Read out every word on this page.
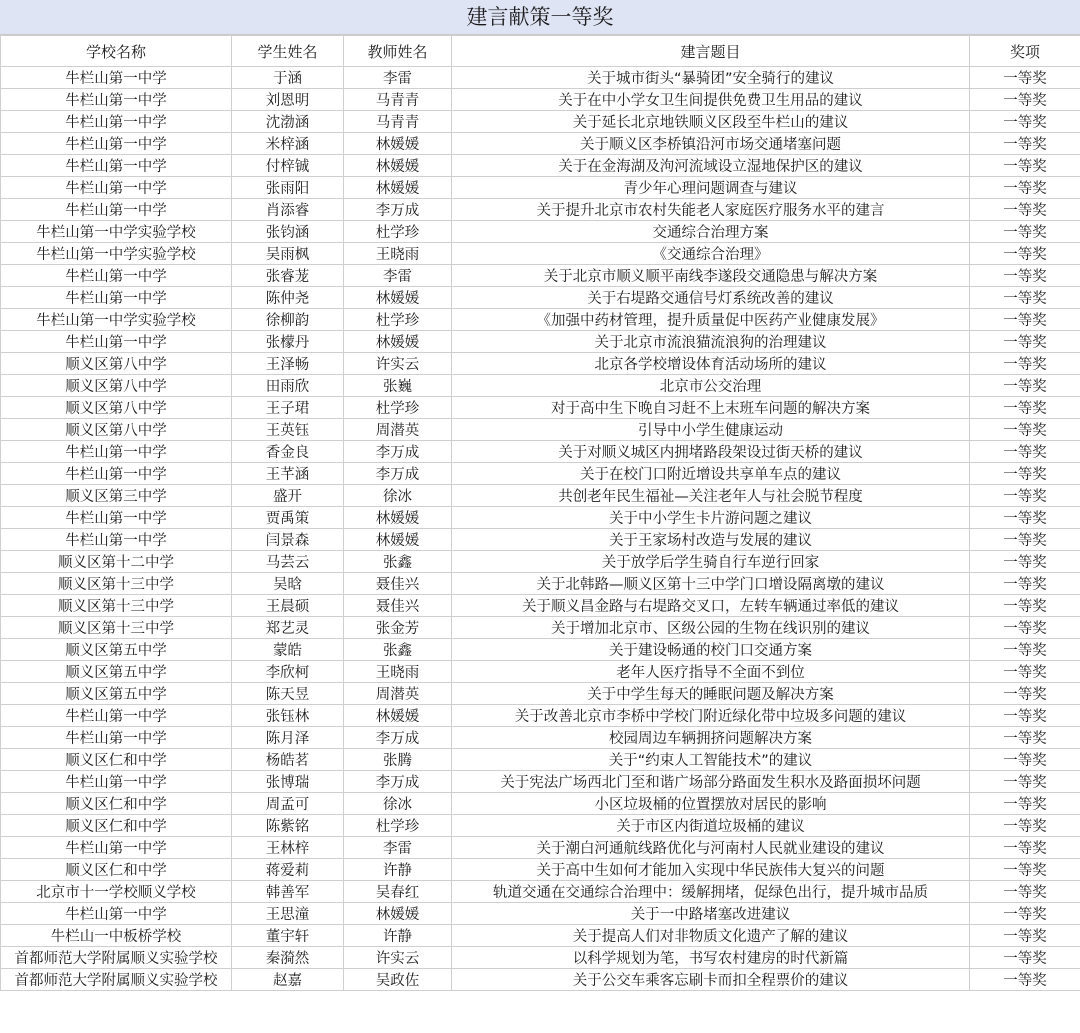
建言献策一等奖
学校名称	学生姓名	教师姓名	建言题目	奖项
牛栏山第一中学	于涵	李雷	关于城市街头“暴骑团”安全骑行的建议	一等奖
牛栏山第一中学	刘恩明	马青青	关于在中小学女卫生间提供免费卫生用品的建议	一等奖
牛栏山第一中学	沈渤涵	马青青	关于延长北京地铁顺义区段至牛栏山的建议	一等奖
牛栏山第一中学	米梓涵	林媛媛	关于顺义区李桥镇沿河市场交通堵塞问题	一等奖
牛栏山第一中学	付梓铖	林媛媛	关于在金海湖及泃河流域设立湿地保护区的建议	一等奖
牛栏山第一中学	张雨阳	林媛媛	青少年心理问题调查与建议	一等奖
牛栏山第一中学	肖添睿	李万成	关于提升北京市农村失能老人家庭医疗服务水平的建言	一等奖
牛栏山第一中学实验学校	张钧涵	杜学珍	交通综合治理方案	一等奖
牛栏山第一中学实验学校	吴雨枫	王晓雨	《交通综合治理》	一等奖
牛栏山第一中学	张睿茏	李雷	关于北京市顺义顺平南线李遂段交通隐患与解决方案	一等奖
牛栏山第一中学	陈仲尧	林媛媛	关于右堤路交通信号灯系统改善的建议	一等奖
牛栏山第一中学实验学校	徐柳韵	杜学珍	《加强中药材管理，提升质量促中医药产业健康发展》	一等奖
牛栏山第一中学	张檬丹	林媛媛	关于北京市流浪猫流浪狗的治理建议	一等奖
顺义区第八中学	王泽畅	许实云	北京各学校增设体育活动场所的建议	一等奖
顺义区第八中学	田雨欣	张巍	北京市公交治理	一等奖
顺义区第八中学	王子珺	杜学珍	对于高中生下晚自习赶不上末班车问题的解决方案	一等奖
顺义区第八中学	王英钰	周潜英	引导中小学生健康运动	一等奖
牛栏山第一中学	香金良	李万成	关于对顺义城区内拥堵路段架设过街天桥的建议	一等奖
牛栏山第一中学	王芊涵	李万成	关于在校门口附近增设共享单车点的建议	一等奖
顺义区第三中学	盛开	徐冰	共创老年民生福祉—关注老年人与社会脱节程度	一等奖
牛栏山第一中学	贾禹策	林媛媛	关于中小学生卡片游问题之建议	一等奖
牛栏山第一中学	闫景森	林媛媛	关于王家场村改造与发展的建议	一等奖
顺义区第十二中学	马芸云	张鑫	关于放学后学生骑自行车逆行回家	一等奖
顺义区第十三中学	吴晗	聂佳兴	关于北韩路—顺义区第十三中学门口增设隔离墩的建议	一等奖
顺义区第十三中学	王晨硕	聂佳兴	关于顺义昌金路与右堤路交叉口，左转车辆通过率低的建议	一等奖
顺义区第十三中学	郑艺灵	张金芳	关于增加北京市、区级公园的生物在线识别的建议	一等奖
顺义区第五中学	蒙皓	张鑫	关于建设畅通的校门口交通方案	一等奖
顺义区第五中学	李欣柯	王晓雨	老年人医疗指导不全面不到位	一等奖
顺义区第五中学	陈天昱	周潜英	关于中学生每天的睡眠问题及解决方案	一等奖
牛栏山第一中学	张钰林	林媛媛	关于改善北京市李桥中学校门附近绿化带中垃圾多问题的建议	一等奖
牛栏山第一中学	陈月泽	李万成	校园周边车辆拥挤问题解决方案	一等奖
顺义区仁和中学	杨皓茗	张腾	关于“约束人工智能技术”的建议	一等奖
牛栏山第一中学	张博瑞	李万成	关于宪法广场西北门至和谐广场部分路面发生积水及路面损坏问题	一等奖
顺义区仁和中学	周孟可	徐冰	小区垃圾桶的位置摆放对居民的影响	一等奖
顺义区仁和中学	陈紫铭	杜学珍	关于市区内街道垃圾桶的建议	一等奖
牛栏山第一中学	王林梓	李雷	关于潮白河通航线路优化与河南村人民就业建设的建议	一等奖
顺义区仁和中学	蒋爱莉	许静	关于高中生如何才能加入实现中华民族伟大复兴的问题	一等奖
北京市十一学校顺义学校	韩善军	吴春红	轨道交通在交通综合治理中：缓解拥堵，促绿色出行，提升城市品质	一等奖
牛栏山第一中学	王思潼	林媛媛	关于一中路堵塞改进建议	一等奖
牛栏山一中板桥学校	董宇轩	许静	关于提高人们对非物质文化遗产了解的建议	一等奖
首都师范大学附属顺义实验学校	秦漪然	许实云	以科学规划为笔，书写农村建房的时代新篇	一等奖
首都师范大学附属顺义实验学校	赵嘉	吴政佐	关于公交车乘客忘刷卡而扣全程票价的建议	一等奖
